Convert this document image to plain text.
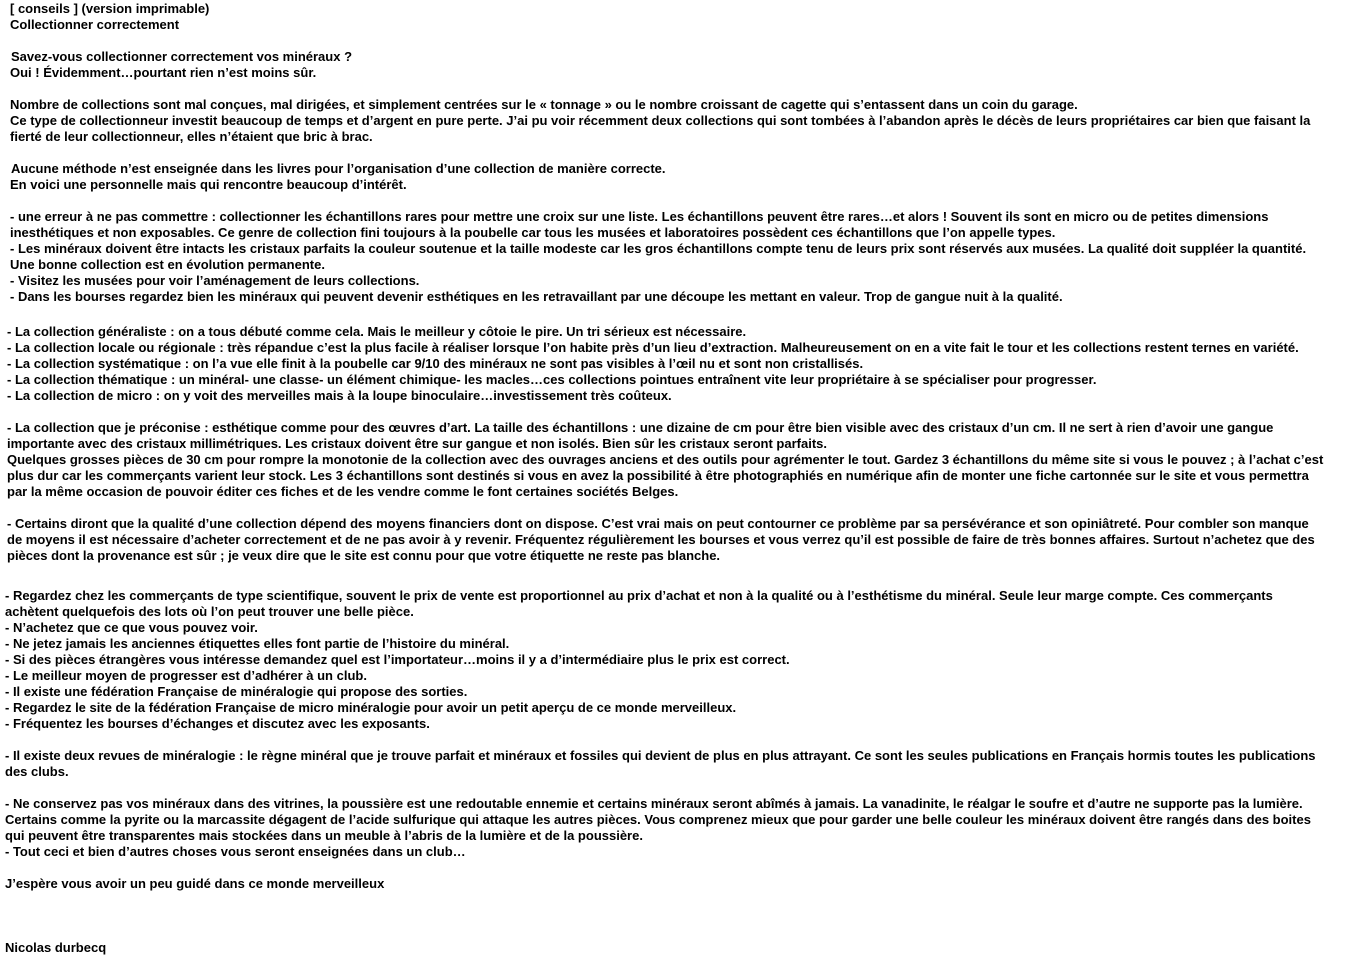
[ conseils ] (version imprimable)
Collectionner correctement
Savez-vous collectionner correctement vos minéraux ?
Oui ! Évidemment…pourtant rien n’est moins sûr.
Nombre de collections sont mal conçues, mal dirigées, et simplement centrées sur le « tonnage » ou le nombre croissant de cagette qui s’entassent dans un coin du garage.
Ce type de collectionneur investit beaucoup de temps et d’argent en pure perte. J’ai pu voir récemment deux collections qui sont tombées à l’abandon après le décès de leurs propriétaires car bien que faisant la
fierté de leur collectionneur, elles n’étaient que bric à brac.
Aucune méthode n’est enseignée dans les livres pour l’organisation d’une collection de manière correcte.
En voici une personnelle mais qui rencontre beaucoup d’intérêt.
- une erreur à ne pas commettre : collectionner les échantillons rares pour mettre une croix sur une liste. Les échantillons peuvent être rares…et alors ! Souvent ils sont en micro ou de petites dimensions
inesthétiques et non exposables. Ce genre de collection fini toujours à la poubelle car tous les musées et laboratoires possèdent ces échantillons que l’on appelle types.
- Les minéraux doivent être intacts les cristaux parfaits la couleur soutenue et la taille modeste car les gros échantillons compte tenu de leurs prix sont réservés aux musées. La qualité doit suppléer la quantité.
Une bonne collection est en évolution permanente.
- Visitez les musées pour voir l’aménagement de leurs collections.
- Dans les bourses regardez bien les minéraux qui peuvent devenir esthétiques en les retravaillant par une découpe les mettant en valeur. Trop de gangue nuit à la qualité.
- La collection généraliste : on a tous débuté comme cela. Mais le meilleur y côtoie le pire. Un tri sérieux est nécessaire.
- La collection locale ou régionale : très répandue c’est la plus facile à réaliser lorsque l’on habite près d’un lieu d’extraction. Malheureusement on en a vite fait le tour et les collections restent ternes en variété.
- La collection systématique : on l’a vue elle finit à la poubelle car 9/10 des minéraux ne sont pas visibles à l’œil nu et sont non cristallisés.
- La collection thématique : un minéral- une classe- un élément chimique- les macles…ces collections pointues entraînent vite leur propriétaire à se spécialiser pour progresser.
- La collection de micro : on y voit des merveilles mais à la loupe binoculaire…investissement très coûteux.
- La collection que je préconise : esthétique comme pour des œuvres d’art. La taille des échantillons : une dizaine de cm pour être bien visible avec des cristaux d’un cm. Il ne sert à rien d’avoir une gangue
importante avec des cristaux millimétriques. Les cristaux doivent être sur gangue et non isolés. Bien sûr les cristaux seront parfaits.
Quelques grosses pièces de 30 cm pour rompre la monotonie de la collection avec des ouvrages anciens et des outils pour agrémenter le tout. Gardez 3 échantillons du même site si vous le pouvez ; à l’achat c’est
plus dur car les commerçants varient leur stock. Les 3 échantillons sont destinés si vous en avez la possibilité à être photographiés en numérique afin de monter une fiche cartonnée sur le site et vous permettra
par la même occasion de pouvoir éditer ces fiches et de les vendre comme le font certaines sociétés Belges.
- Certains diront que la qualité d’une collection dépend des moyens financiers dont on dispose. C’est vrai mais on peut contourner ce problème par sa persévérance et son opiniâtreté. Pour combler son manque
de moyens il est nécessaire d’acheter correctement et de ne pas avoir à y revenir. Fréquentez régulièrement les bourses et vous verrez qu’il est possible de faire de très bonnes affaires. Surtout n’achetez que des
pièces dont la provenance est sûr ; je veux dire que le site est connu pour que votre étiquette ne reste pas blanche.
- Regardez chez les commerçants de type scientifique, souvent le prix de vente est proportionnel au prix d’achat et non à la qualité ou à l’esthétisme du minéral. Seule leur marge compte. Ces commerçants
achètent quelquefois des lots où l’on peut trouver une belle pièce.
- N’achetez que ce que vous pouvez voir.
- Ne jetez jamais les anciennes étiquettes elles font partie de l’histoire du minéral.
- Si des pièces étrangères vous intéresse demandez quel est l’importateur…moins il y a d’intermédiaire plus le prix est correct.
- Le meilleur moyen de progresser est d’adhérer à un club.
- Il existe une fédération Française de minéralogie qui propose des sorties.
- Regardez le site de la fédération Française de micro minéralogie pour avoir un petit aperçu de ce monde merveilleux.
- Fréquentez les bourses d’échanges et discutez avec les exposants.
- Il existe deux revues de minéralogie : le règne minéral que je trouve parfait et minéraux et fossiles qui devient de plus en plus attrayant. Ce sont les seules publications en Français hormis toutes les publications
des clubs.
- Ne conservez pas vos minéraux dans des vitrines, la poussière est une redoutable ennemie et certains minéraux seront abîmés à jamais. La vanadinite, le réalgar le soufre et d’autre ne supporte pas la lumière.
Certains comme la pyrite ou la marcassite dégagent de l’acide sulfurique qui attaque les autres pièces. Vous comprenez mieux que pour garder une belle couleur les minéraux doivent être rangés dans des boites
qui peuvent être transparentes mais stockées dans un meuble à l’abris de la lumière et de la poussière.
- Tout ceci et bien d’autres choses vous seront enseignées dans un club…
J’espère vous avoir un peu guidé dans ce monde merveilleux
Nicolas durbecq
